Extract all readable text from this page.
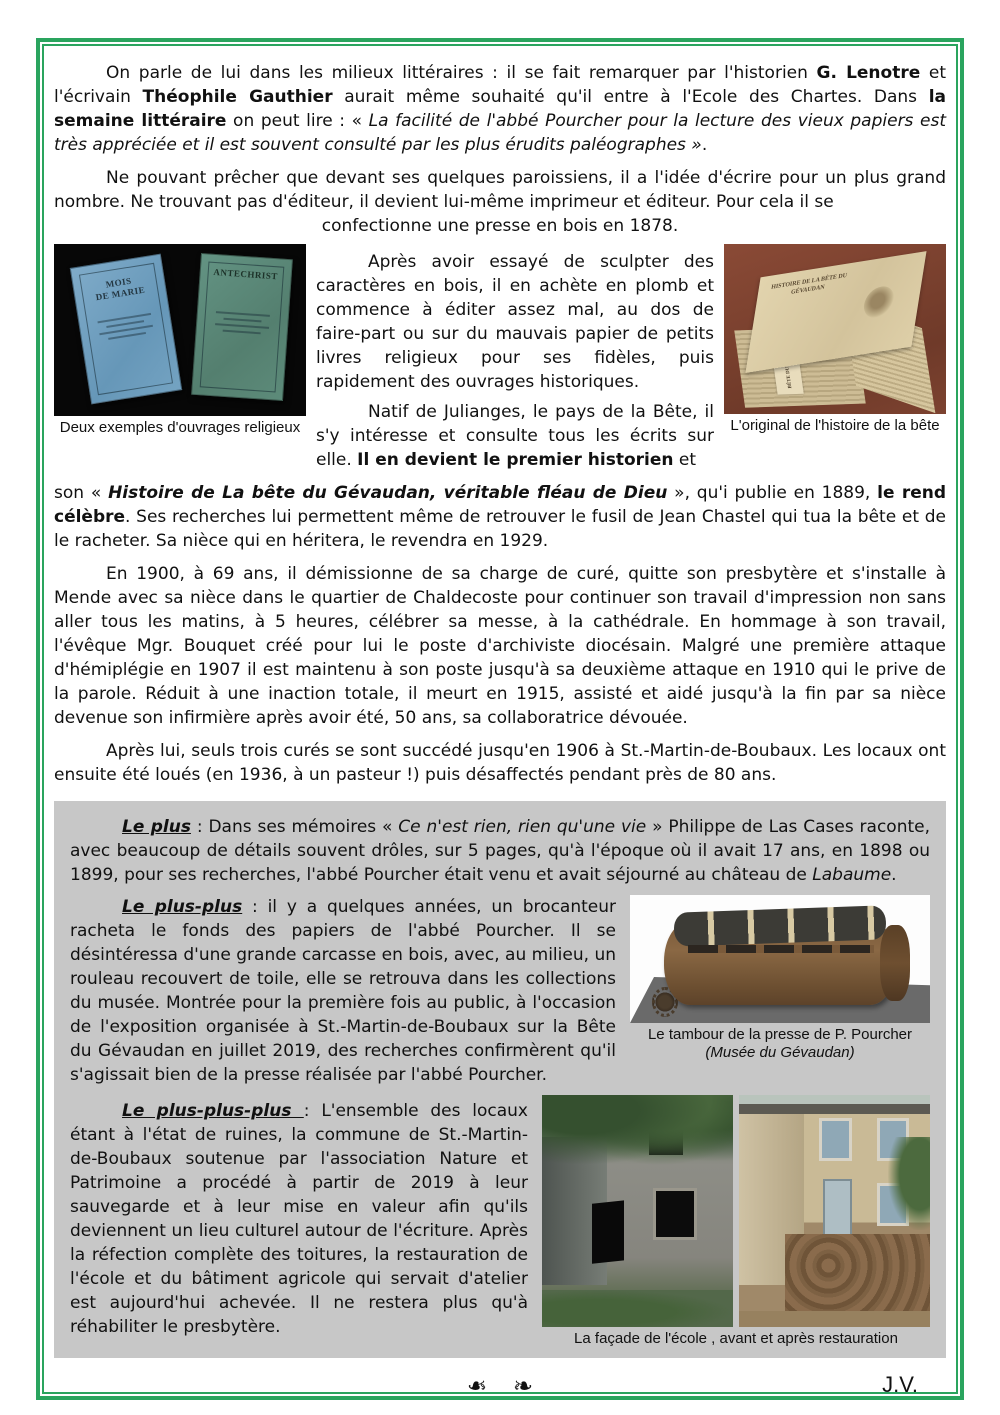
On parle de lui dans les milieux littéraires : il se fait remarquer par l'historien G. Lenotre et l'écrivain Théophile Gauthier aurait même souhaité qu'il entre à l'Ecole des Chartes. Dans la semaine littéraire on peut lire : « La facilité de l'abbé Pourcher pour la lecture des vieux papiers est très appréciée et il est souvent consulté par les plus érudits paléographes ».

Ne pouvant prêcher que devant ses quelques paroissiens, il a l'idée d'écrire pour un plus grand nombre. Ne trouvant pas d'éditeur, il devient lui-même imprimeur et éditeur. Pour cela il se

confectionne une presse en bois en 1878.
MOIS
DE MARIE
ANTECHRIST
Deux exemples d'ouvrages religieux

Après avoir essayé de sculpter des caractères en bois, il en achète en plomb et commence à éditer assez mal, au dos de faire-part ou sur du mauvais papier de petits livres religieux pour ses fidèles, puis rapidement des ouvrages historiques.

Natif de Julianges, le pays de la Bête, il s'y intéresse et consulte tous les écrits sur elle. Il en devient le premier historien et

HISTOIRE DE LA BÊTE DU GÉVAUDAN
L'original de l'histoire de la bête

son « Histoire de La bête du Gévaudan, véritable fléau de Dieu », qu'i publie en 1889, le rend célèbre. Ses recherches lui permettent même de retrouver le fusil de Jean Chastel qui tua la bête et de le racheter. Sa nièce qui en héritera, le revendra en 1929.

En 1900, à 69 ans, il démissionne de sa charge de curé, quitte son presbytère et s'installe à Mende avec sa nièce dans le quartier de Chaldecoste pour continuer son travail d'impression non sans aller tous les matins, à 5 heures, célébrer sa messe, à la cathédrale. En hommage à son travail, l'évêque Mgr. Bouquet créé pour lui le poste d'archiviste diocésain. Malgré une première attaque d'hémiplégie en 1907 il est maintenu à son poste jusqu'à sa deuxième attaque en 1910 qui le prive de la parole. Réduit à une inaction totale, il meurt en 1915, assisté et aidé jusqu'à la fin par sa nièce devenue son infirmière après avoir été, 50 ans, sa collaboratrice dévouée.

Après lui, seuls trois curés se sont succédé jusqu'en 1906 à St.-Martin-de-Boubaux. Les locaux ont ensuite été loués (en 1936, à un pasteur !) puis désaffectés pendant près de 80 ans.

Le plus : Dans ses mémoires « Ce n'est rien, rien qu'une vie » Philippe de Las Cases raconte, avec beaucoup de détails souvent drôles, sur 5 pages, qu'à l'époque où il avait 17 ans, en 1898 ou 1899, pour ses recherches, l'abbé Pourcher était venu et avait séjourné au château de Labaume.

Le plus-plus : il y a quelques années, un brocanteur racheta le fonds des papiers de l'abbé Pourcher. Il se désintéressa d'une grande carcasse en bois, avec, au milieu, un rouleau recouvert de toile, elle se retrouva dans les collections du musée. Montrée pour la première fois au public, à l'occasion de l'exposition organisée à St.-Martin-de-Boubaux sur la Bête du Gévaudan en juillet 2019, des recherches confirmèrent qu'il s'agissait bien de la presse réalisée par l'abbé Pourcher.

Le tambour de la presse de P. Pourcher
(Musée du Gévaudan)

Le plus-plus-plus : L'ensemble des locaux étant à l'état de ruines, la commune de St.-Martin-de-Boubaux soutenue par l'association Nature et Patrimoine a procédé à partir de 2019 à leur sauvegarde et à leur mise en valeur afin qu'ils deviennent un lieu culturel autour de l'écriture. Après la réfection complète des toitures, la restauration de l'école et du bâtiment agricole qui servait d'atelier est aujourd'hui achevée. Il ne restera plus qu'à réhabiliter le presbytère.

La façade de l'école , avant et après restauration
❧ ❧	J.V.
